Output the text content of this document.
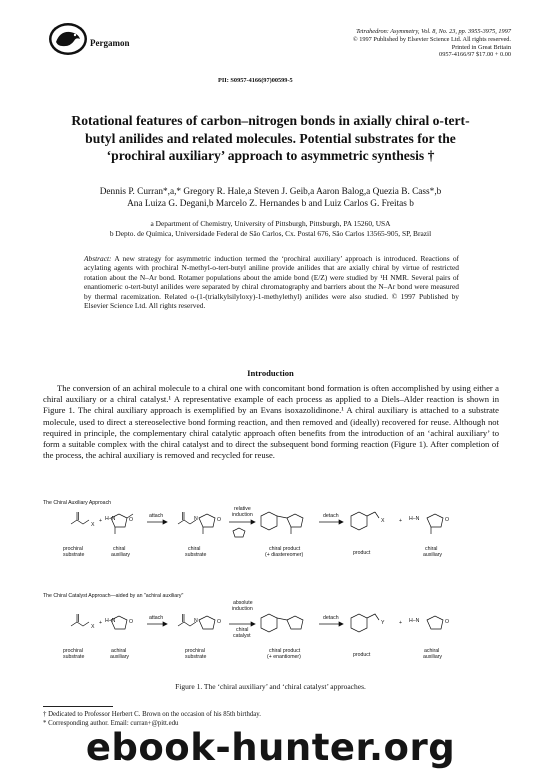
Pergamon
Tetrahedron: Asymmetry, Vol. 8, No. 23, pp. 3955-3975, 1997
© 1997 Published by Elsevier Science Ltd. All rights reserved.
Printed in Great Britain
0957-4166/97 $17.00 + 0.00
PII: S0957-4166(97)00599-5
Rotational features of carbon–nitrogen bonds in axially chiral o-tert-
butyl anilides and related molecules. Potential substrates for the
‘prochiral auxiliary’ approach to asymmetric synthesis †
Dennis P. Curran*,a,* Gregory R. Hale,a Steven J. Geib,a Aaron Balog,a Quezia B. Cass*,b
Ana Luiza G. Degani,b Marcelo Z. Hernandes b and Luiz Carlos G. Freitas b
a Department of Chemistry, University of Pittsburgh, Pittsburgh, PA 15260, USA
b Depto. de Química, Universidade Federal de São Carlos, Cx. Postal 676, São Carlos 13565-905, SP, Brazil
Abstract: A new strategy for asymmetric induction termed the ‘prochiral auxiliary’ approach is introduced. Reactions of acylating agents with prochiral N-methyl-o-tert-butyl aniline provide anilides that are axially chiral by virtue of restricted rotation about the N–Ar bond. Rotamer populations about the amide bond (E/Z) were studied by ¹H NMR. Several pairs of enantiomeric o-tert-butyl anilides were separated by chiral chromatography and barriers about the N–Ar bond were measured by thermal racemization. Related o-(1-(trialkylsilyloxy)-1-methylethyl) anilides were also studied. © 1997 Published by Elsevier Science Ltd. All rights reserved.
Introduction
The conversion of an achiral molecule to a chiral one with concomitant bond formation is often accomplished by using either a chiral auxiliary or a chiral catalyst.¹ A representative example of each process as applied to a Diels–Alder reaction is shown in Figure 1. The chiral auxiliary approach is exemplified by an Evans isoxazolidinone.¹ A chiral auxiliary is attached to a substrate molecule, used to direct a stereoselective bond forming reaction, and then removed and (ideally) recovered for reuse. Although not required in principle, the complementary chiral catalytic approach often benefits from the introduction of an ‘achiral auxiliary’ to form a suitable complex with the chiral catalyst and to direct the subsequent bond forming reaction (Figure 1). After completion of the process, the achiral auxiliary is removed and recycled for reuse.
The Chiral Auxiliary Approach
The Chiral Catalyst Approach—aided by an "achiral auxiliary"
X
+ H–N	O	N	O	X	+ H–N	O
attach
relative
induction	detach
prochiral
substrate
chiral
auxiliary
chiral
substrate
chiral product
(+ diastereomer)	product
chiral
auxiliary
X
+ H–N	O	N	O	Y	+ H–N	O
attach
absolute
induction
chiral
catalyst
detach
prochiral
substrate
achiral
auxiliary
prochiral
substrate
chiral product
(+ enantiomer)	product
achiral
auxiliary
Figure 1. The ‘chiral auxiliary’ and ‘chiral catalyst’ approaches.
† Dedicated to Professor Herbert C. Brown on the occasion of his 85th birthday.
* Corresponding author. Email: curran+@pitt.edu
ebook-hunter.org
